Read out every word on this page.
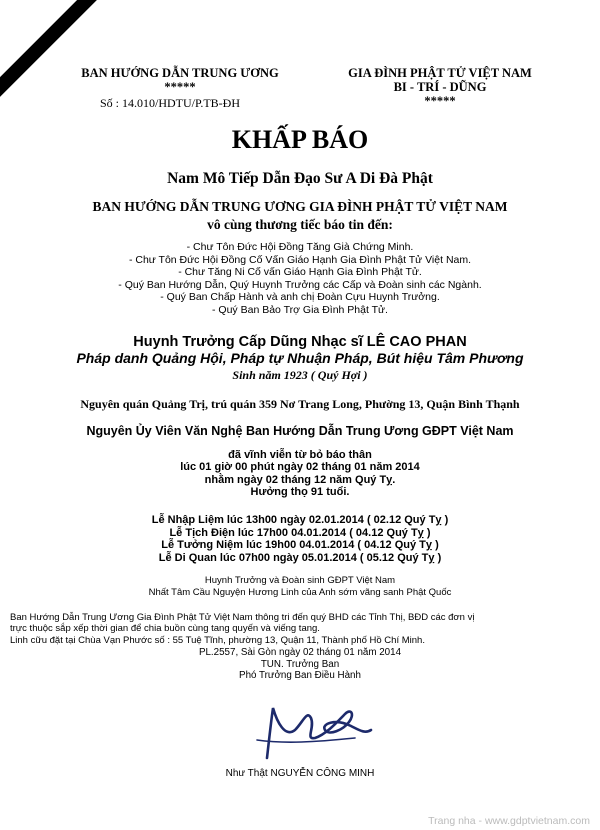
BAN HƯỚNG DẪN TRUNG ƯƠNG
*****
Số : 14.010/HDTU/P.TB-ĐH
GIA ĐÌNH PHẬT TỬ VIỆT NAM
BI - TRÍ - DŨNG
*****
KHẤP BÁO
Nam Mô Tiếp Dẫn Đạo Sư A Di Đà Phật
BAN HƯỚNG DẪN TRUNG ƯƠNG GIA ĐÌNH PHẬT TỬ VIỆT NAM
vô cùng thương tiếc báo tin đến:
- Chư Tôn Đức Hội Đồng Tăng Già Chứng Minh.
- Chư Tôn Đức Hội Đồng Cố Vấn Giáo Hạnh Gia Đình Phật Tử Việt Nam.
- Chư Tăng Ni Cố vấn Giáo Hạnh Gia Đình Phật Tử.
- Quý Ban Hướng Dẫn, Quý Huynh Trưởng các Cấp và Đoàn sinh các Ngành.
- Quý Ban Chấp Hành và anh chị Đoàn Cựu Huynh Trưởng.
- Quý Ban Bảo Trợ Gia Đình Phật Tử.
Huynh Trưởng Cấp Dũng Nhạc sĩ LÊ CAO PHAN
Pháp danh Quảng Hội, Pháp tự Nhuận Pháp, Bút hiệu Tâm Phương
Sinh năm 1923 ( Quý Hợi )
Nguyên quán Quảng Trị, trú quán 359 Nơ Trang Long, Phường 13, Quận Bình Thạnh
Nguyên Ủy Viên Văn Nghệ Ban Hướng Dẫn Trung Ương GĐPT Việt Nam
đã vĩnh viễn từ bỏ báo thân
lúc 01 giờ 00 phút ngày 02 tháng 01 năm 2014
nhằm ngày 02 tháng 12 năm Quý Tỵ.
Hưởng thọ 91 tuổi.
Lễ Nhập Liệm lúc 13h00 ngày 02.01.2014 ( 02.12 Quý Tỵ )
Lễ Tịch Điện lúc 17h00 04.01.2014 ( 04.12 Quý Tỵ )
Lễ Tưởng Niệm lúc 19h00 04.01.2014 ( 04.12 Quý Tỵ )
Lễ Di Quan lúc 07h00 ngày 05.01.2014 ( 05.12 Quý Tỵ )
Huynh Trưởng và Đoàn sinh GĐPT Việt Nam
Nhất Tâm Cầu Nguyện Hương Linh của Anh sớm vãng sanh Phật Quốc
Ban Hướng Dẫn Trung Ương Gia Đình Phật Tử Việt Nam thông tri đến quý BHD các Tỉnh Thị, BĐD các đơn vị
trực thuộc sắp xếp thời gian để chia buồn cùng tang quyến và viếng tang.
Linh cữu đặt tại Chùa Vạn Phước số : 55 Tuệ Tĩnh, phường 13, Quận 11, Thành phố Hồ Chí Minh.
PL.2557, Sài Gòn ngày 02 tháng 01 năm 2014
TUN. Trưởng Ban
Phó Trưởng Ban Điều Hành
Như Thật NGUYỄN CÔNG MINH
Trang nha - www.gdptvietnam.com
